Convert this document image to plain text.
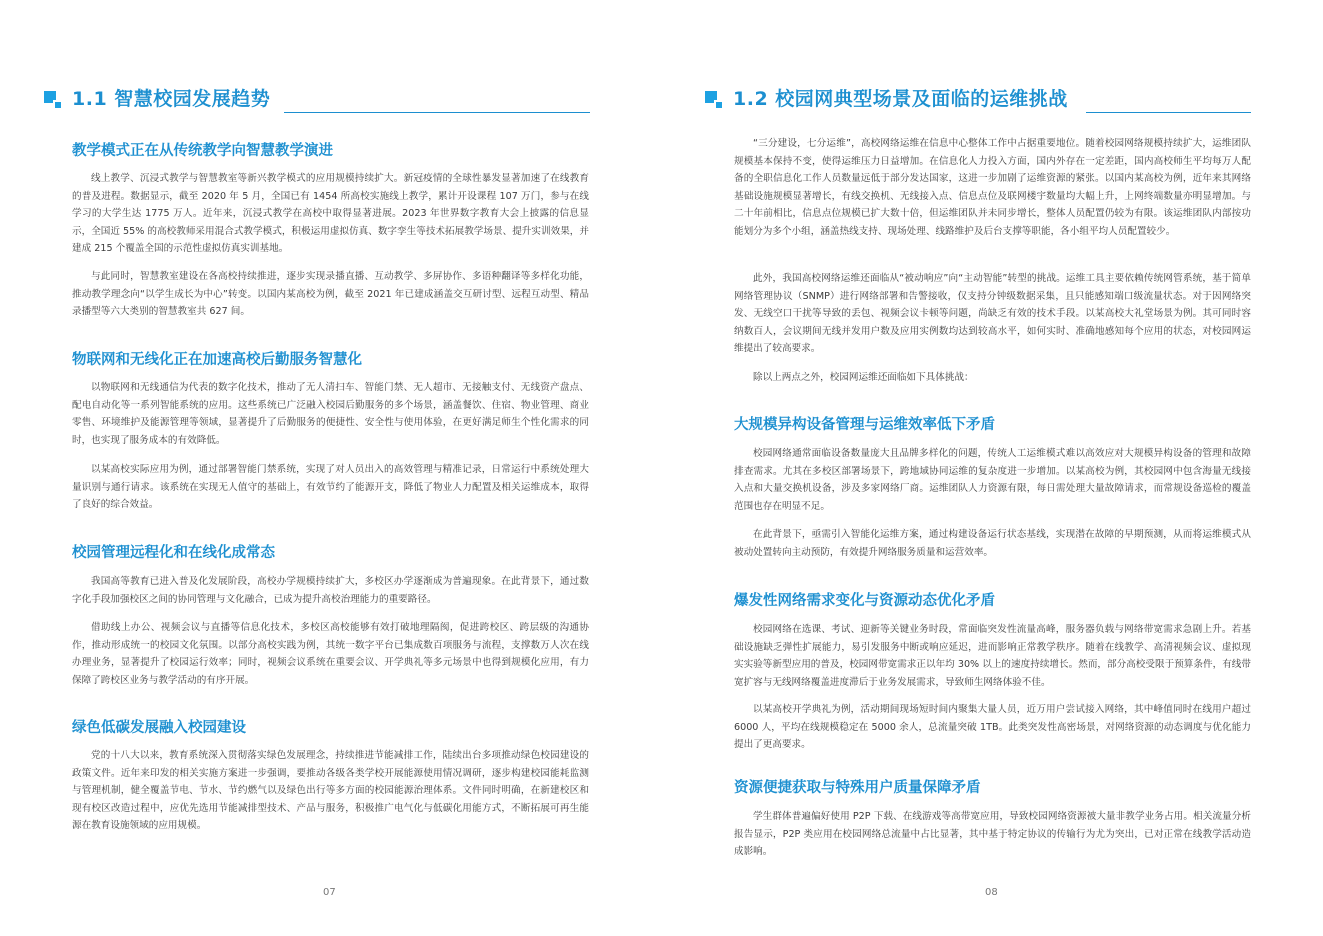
1.1 智慧校园发展趋势
教学模式正在从传统教学向智慧教学演进

线上教学、沉浸式教学与智慧教室等新兴教学模式的应用规模持续扩大。新冠疫情的全球性暴发显著加速了在线教育的普及进程。数据显示，截至 2020 年 5 月，全国已有 1454 所高校实施线上教学，累计开设课程 107 万门，参与在线学习的大学生达 1775 万人。近年来，沉浸式教学在高校中取得显著进展。2023 年世界数字教育大会上披露的信息显示，全国近 55% 的高校教师采用混合式教学模式，积极运用虚拟仿真、数字孪生等技术拓展教学场景、提升实训效果，并建成 215 个覆盖全国的示范性虚拟仿真实训基地。

与此同时，智慧教室建设在各高校持续推进，逐步实现录播直播、互动教学、多屏协作、多语种翻译等多样化功能，推动教学理念向“以学生成长为中心”转变。以国内某高校为例，截至 2021 年已建成涵盖交互研讨型、远程互动型、精品录播型等六大类别的智慧教室共 627 间。

物联网和无线化正在加速高校后勤服务智慧化

以物联网和无线通信为代表的数字化技术，推动了无人清扫车、智能门禁、无人超市、无接触支付、无线资产盘点、配电自动化等一系列智能系统的应用。这些系统已广泛融入校园后勤服务的多个场景，涵盖餐饮、住宿、物业管理、商业零售、环境维护及能源管理等领域，显著提升了后勤服务的便捷性、安全性与使用体验，在更好满足师生个性化需求的同时，也实现了服务成本的有效降低。

以某高校实际应用为例，通过部署智能门禁系统，实现了对人员出入的高效管理与精准记录，日常运行中系统处理大量识别与通行请求。该系统在实现无人值守的基础上，有效节约了能源开支，降低了物业人力配置及相关运维成本，取得了良好的综合效益。

校园管理远程化和在线化成常态

我国高等教育已进入普及化发展阶段，高校办学规模持续扩大，多校区办学逐渐成为普遍现象。在此背景下，通过数字化手段加强校区之间的协同管理与文化融合，已成为提升高校治理能力的重要路径。

借助线上办公、视频会议与直播等信息化技术，多校区高校能够有效打破地理隔阂，促进跨校区、跨层级的沟通协作，推动形成统一的校园文化氛围。以部分高校实践为例，其统一数字平台已集成数百项服务与流程，支撑数万人次在线办理业务，显著提升了校园运行效率；同时，视频会议系统在重要会议、开学典礼等多元场景中也得到规模化应用，有力保障了跨校区业务与教学活动的有序开展。

绿色低碳发展融入校园建设

党的十八大以来，教育系统深入贯彻落实绿色发展理念，持续推进节能减排工作，陆续出台多项推动绿色校园建设的政策文件。近年来印发的相关实施方案进一步强调，要推动各级各类学校开展能源使用情况调研，逐步构建校园能耗监测与管理机制，健全覆盖节电、节水、节约燃气以及绿色出行等多方面的校园能源治理体系。文件同时明确，在新建校区和现有校区改造过程中，应优先选用节能减排型技术、产品与服务，积极推广电气化与低碳化用能方式，不断拓展可再生能源在教育设施领域的应用规模。

07
1.2 校园网典型场景及面临的运维挑战

“三分建设，七分运维”，高校网络运维在信息中心整体工作中占据重要地位。随着校园网络规模持续扩大，运维团队规模基本保持不变，使得运维压力日益增加。在信息化人力投入方面，国内外存在一定差距，国内高校师生平均每万人配备的全职信息化工作人员数量远低于部分发达国家，这进一步加剧了运维资源的紧张。以国内某高校为例，近年来其网络基础设施规模显著增长，有线交换机、无线接入点、信息点位及联网楼宇数量均大幅上升，上网终端数量亦明显增加。与二十年前相比，信息点位规模已扩大数十倍，但运维团队并未同步增长，整体人员配置仍较为有限。该运维团队内部按功能划分为多个小组，涵盖热线支持、现场处理、线路维护及后台支撑等职能，各小组平均人员配置较少。

此外，我国高校网络运维还面临从“被动响应”向“主动智能”转型的挑战。运维工具主要依赖传统网管系统，基于简单网络管理协议（SNMP）进行网络部署和告警接收，仅支持分钟级数据采集，且只能感知端口级流量状态。对于因网络突发、无线空口干扰等导致的丢包、视频会议卡顿等问题，尚缺乏有效的技术手段。以某高校大礼堂场景为例。其可同时容纳数百人，会议期间无线并发用户数及应用实例数均达到较高水平，如何实时、准确地感知每个应用的状态，对校园网运维提出了较高要求。

除以上两点之外，校园网运维还面临如下具体挑战：

大规模异构设备管理与运维效率低下矛盾

校园网络通常面临设备数量庞大且品牌多样化的问题，传统人工运维模式难以高效应对大规模异构设备的管理和故障排查需求。尤其在多校区部署场景下，跨地域协同运维的复杂度进一步增加。以某高校为例，其校园网中包含海量无线接入点和大量交换机设备，涉及多家网络厂商。运维团队人力资源有限，每日需处理大量故障请求，而常规设备巡检的覆盖范围也存在明显不足。

在此背景下，亟需引入智能化运维方案，通过构建设备运行状态基线，实现潜在故障的早期预测，从而将运维模式从被动处置转向主动预防，有效提升网络服务质量和运营效率。

爆发性网络需求变化与资源动态优化矛盾

校园网络在选课、考试、迎新等关键业务时段，常面临突发性流量高峰，服务器负载与网络带宽需求急剧上升。若基础设施缺乏弹性扩展能力，易引发服务中断或响应延迟，进而影响正常教学秩序。随着在线教学、高清视频会议、虚拟现实实验等新型应用的普及，校园网带宽需求正以年均 30% 以上的速度持续增长。然而，部分高校受限于预算条件，有线带宽扩容与无线网络覆盖进度滞后于业务发展需求，导致师生网络体验不佳。

以某高校开学典礼为例，活动期间现场短时间内聚集大量人员，近万用户尝试接入网络，其中峰值同时在线用户超过 6000 人，平均在线规模稳定在 5000 余人，总流量突破 1TB。此类突发性高密场景，对网络资源的动态调度与优化能力提出了更高要求。

资源便捷获取与特殊用户质量保障矛盾

学生群体普遍偏好使用 P2P 下载、在线游戏等高带宽应用，导致校园网络资源被大量非教学业务占用。相关流量分析报告显示，P2P 类应用在校园网络总流量中占比显著，其中基于特定协议的传输行为尤为突出，已对正常在线教学活动造成影响。

08
